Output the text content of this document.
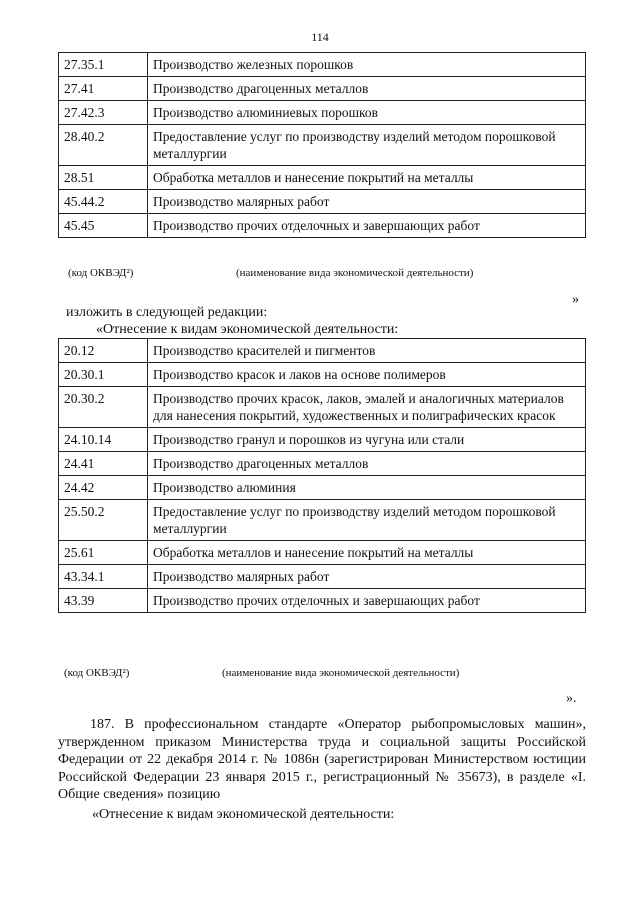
114
27.35.1	Производство железных порошков
27.41	Производство драгоценных металлов
27.42.3	Производство алюминиевых порошков
28.40.2	Предоставление услуг по производству изделий методом порошковой металлургии
28.51	Обработка металлов и нанесение покрытий на металлы
45.44.2	Производство малярных работ
45.45	Производство прочих отделочных и завершающих работ
(код ОКВЭД²)	(наименование вида экономической деятельности)
»
изложить в следующей редакции:
«Отнесение к видам экономической деятельности:
20.12	Производство красителей и пигментов
20.30.1	Производство красок и лаков на основе полимеров
20.30.2	Производство прочих красок, лаков, эмалей и аналогичных материалов для нанесения покрытий, художественных и полиграфических красок
24.10.14	Производство гранул и порошков из чугуна или стали
24.41	Производство драгоценных металлов
24.42	Производство алюминия
25.50.2	Предоставление услуг по производству изделий методом порошковой металлургии
25.61	Обработка металлов и нанесение покрытий на металлы
43.34.1	Производство малярных работ
43.39	Производство прочих отделочных и завершающих работ
(код ОКВЭД²)	(наименование вида экономической деятельности)
».
187. В профессиональном стандарте «Оператор рыбопромысловых машин», утвержденном приказом Министерства труда и социальной защиты Российской Федерации от 22 декабря 2014 г. № 1086н (зарегистрирован Министерством юстиции Российской Федерации 23 января 2015 г., регистрационный № 35673), в разделе «I. Общие сведения» позицию
«Отнесение к видам экономической деятельности:
